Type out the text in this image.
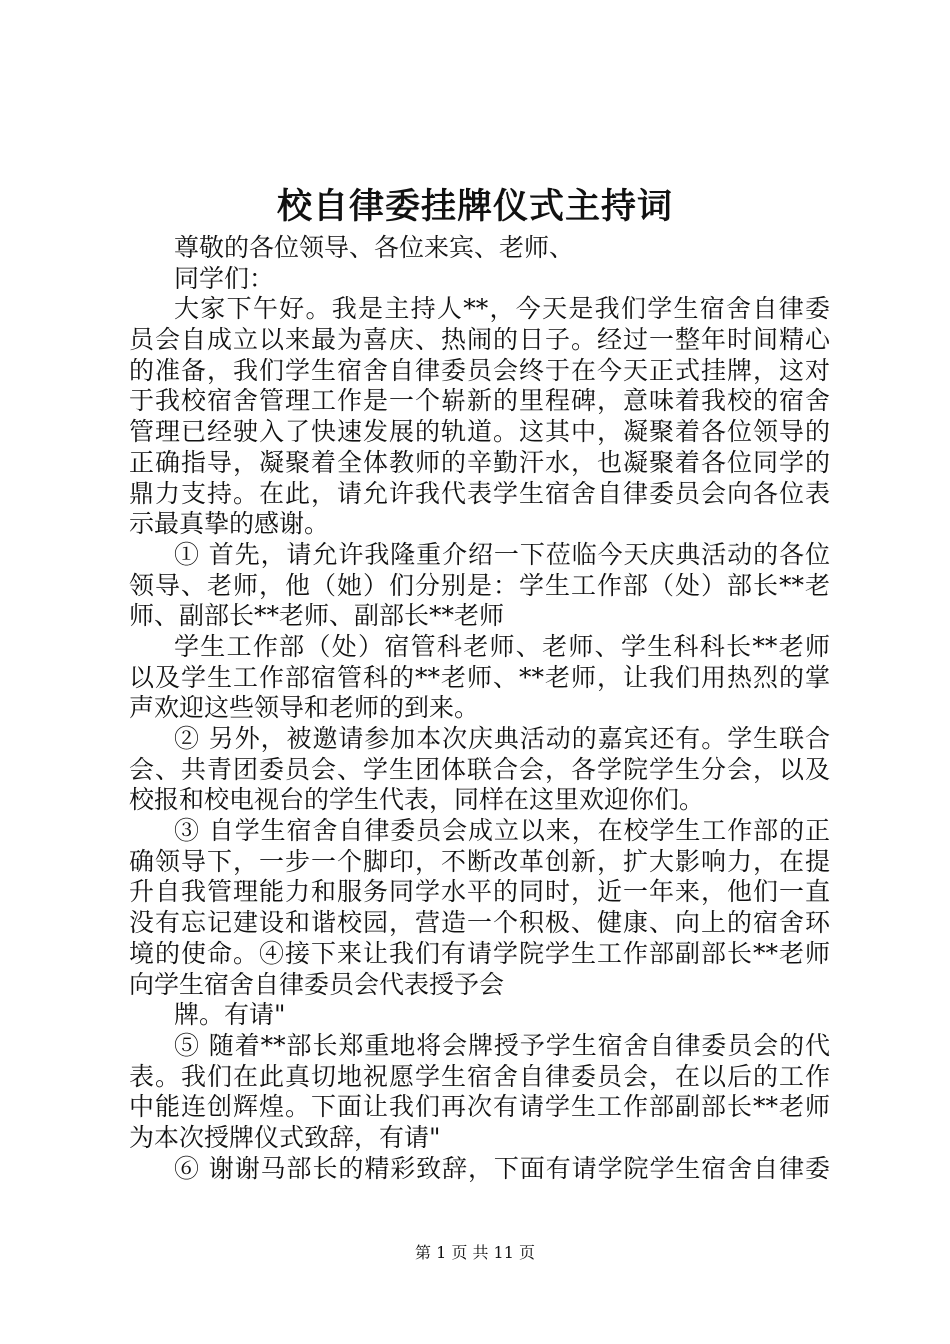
校自律委挂牌仪式主持词
尊敬的各位领导、各位来宾、老师、
同学们：
大家下午好。我是主持人**，今天是我们学生宿舍自律委
员会自成立以来最为喜庆、热闹的日子。经过一整年时间精心
的准备，我们学生宿舍自律委员会终于在今天正式挂牌，这对
于我校宿舍管理工作是一个崭新的里程碑，意味着我校的宿舍
管理已经驶入了快速发展的轨道。这其中，凝聚着各位领导的
正确指导，凝聚着全体教师的辛勤汗水，也凝聚着各位同学的
鼎力支持。在此，请允许我代表学生宿舍自律委员会向各位表
示最真挚的感谢。
① 首先，请允许我隆重介绍一下莅临今天庆典活动的各位
领导、老师，他（她）们分别是：学生工作部（处）部长**老
师、副部长**老师、副部长**老师
学生工作部（处）宿管科老师、老师、学生科科长**老师
以及学生工作部宿管科的**老师、**老师，让我们用热烈的掌
声欢迎这些领导和老师的到来。
② 另外，被邀请参加本次庆典活动的嘉宾还有。学生联合
会、共青团委员会、学生团体联合会，各学院学生分会，以及
校报和校电视台的学生代表，同样在这里欢迎你们。
③ 自学生宿舍自律委员会成立以来，在校学生工作部的正
确领导下，一步一个脚印，不断改革创新，扩大影响力，在提
升自我管理能力和服务同学水平的同时，近一年来，他们一直
没有忘记建设和谐校园，营造一个积极、健康、向上的宿舍环
境的使命。④接下来让我们有请学院学生工作部副部长**老师
向学生宿舍自律委员会代表授予会
牌。有请"
⑤ 随着**部长郑重地将会牌授予学生宿舍自律委员会的代
表。我们在此真切地祝愿学生宿舍自律委员会，在以后的工作
中能连创辉煌。下面让我们再次有请学生工作部副部长**老师
为本次授牌仪式致辞，有请"
⑥ 谢谢马部长的精彩致辞，下面有请学院学生宿舍自律委
第 1 页 共 11 页
